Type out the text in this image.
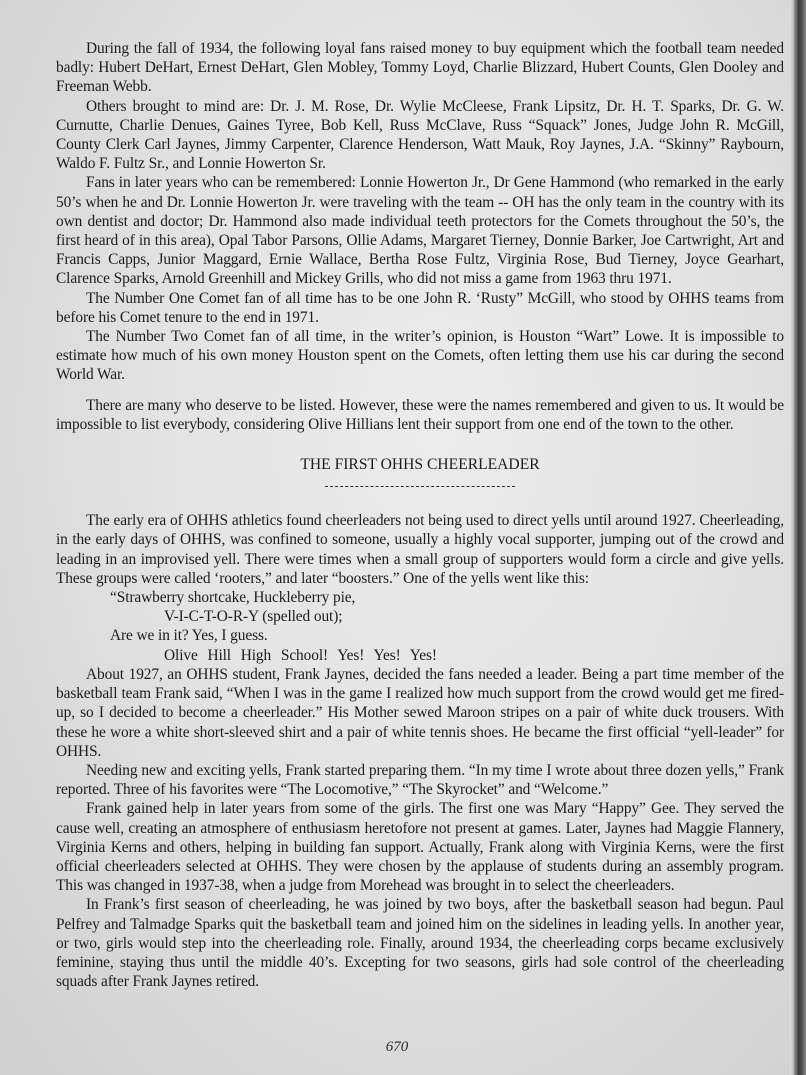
During the fall of 1934, the following loyal fans raised money to buy equipment which the football team needed badly: Hubert DeHart, Ernest DeHart, Glen Mobley, Tommy Loyd, Charlie Blizzard, Hubert Counts, Glen Dooley and Freeman Webb.

Others brought to mind are: Dr. J. M. Rose, Dr. Wylie McCleese, Frank Lipsitz, Dr. H. T. Sparks, Dr. G. W. Curnutte, Charlie Denues, Gaines Tyree, Bob Kell, Russ McClave, Russ “Squack” Jones, Judge John R. McGill, County Clerk Carl Jaynes, Jimmy Carpenter, Clarence Henderson, Watt Mauk, Roy Jaynes, J.A. “Skinny” Raybourn, Waldo F. Fultz Sr., and Lonnie Howerton Sr.

Fans in later years who can be remembered: Lonnie Howerton Jr., Dr Gene Hammond (who remarked in the early 50’s when he and Dr. Lonnie Howerton Jr. were traveling with the team -- OH has the only team in the country with its own dentist and doctor; Dr. Hammond also made individual teeth protectors for the Comets throughout the 50’s, the first heard of in this area), Opal Tabor Parsons, Ollie Adams, Margaret Tierney, Donnie Barker, Joe Cartwright, Art and Francis Capps, Junior Maggard, Ernie Wallace, Bertha Rose Fultz, Virginia Rose, Bud Tierney, Joyce Gearhart, Clarence Sparks, Arnold Greenhill and Mickey Grills, who did not miss a game from 1963 thru 1971.

The Number One Comet fan of all time has to be one John R. ‘Rusty” McGill, who stood by OHHS teams from before his Comet tenure to the end in 1971.

The Number Two Comet fan of all time, in the writer’s opinion, is Houston “Wart” Lowe. It is impossible to estimate how much of his own money Houston spent on the Comets, often letting them use his car during the second World War.

There are many who deserve to be listed. However, these were the names remembered and given to us. It would be impossible to list everybody, considering Olive Hillians lent their support from one end of the town to the other.

THE FIRST OHHS CHEERLEADER

The early era of OHHS athletics found cheerleaders not being used to direct yells until around 1927. Cheerleading, in the early days of OHHS, was confined to someone, usually a highly vocal supporter, jumping out of the crowd and leading in an improvised yell. There were times when a small group of supporters would form a circle and give yells. These groups were called ‘rooters,” and later “boosters.” One of the yells went like this:

“Strawberry shortcake, Huckleberry pie,
V-I-C-T-O-R-Y (spelled out);
Are we in it? Yes, I guess.
Olive Hill High School! Yes! Yes! Yes!

About 1927, an OHHS student, Frank Jaynes, decided the fans needed a leader. Being a part time member of the basketball team Frank said, “When I was in the game I realized how much support from the crowd would get me fired-up, so I decided to become a cheerleader.” His Mother sewed Maroon stripes on a pair of white duck trousers. With these he wore a white short-sleeved shirt and a pair of white tennis shoes. He became the first official “yell-leader” for OHHS.

Needing new and exciting yells, Frank started preparing them. “In my time I wrote about three dozen yells,” Frank reported. Three of his favorites were “The Locomotive,” “The Skyrocket” and “Welcome.”

Frank gained help in later years from some of the girls. The first one was Mary “Happy” Gee. They served the cause well, creating an atmosphere of enthusiasm heretofore not present at games. Later, Jaynes had Maggie Flannery, Virginia Kerns and others, helping in building fan support. Actually, Frank along with Virginia Kerns, were the first official cheerleaders selected at OHHS. They were chosen by the applause of students during an assembly program. This was changed in 1937-38, when a judge from Morehead was brought in to select the cheerleaders.

In Frank’s first season of cheerleading, he was joined by two boys, after the basketball season had begun. Paul Pelfrey and Talmadge Sparks quit the basketball team and joined him on the sidelines in leading yells. In another year, or two, girls would step into the cheerleading role. Finally, around 1934, the cheerleading corps became exclusively feminine, staying thus until the middle 40’s. Excepting for two seasons, girls had sole control of the cheerleading squads after Frank Jaynes retired.

670
